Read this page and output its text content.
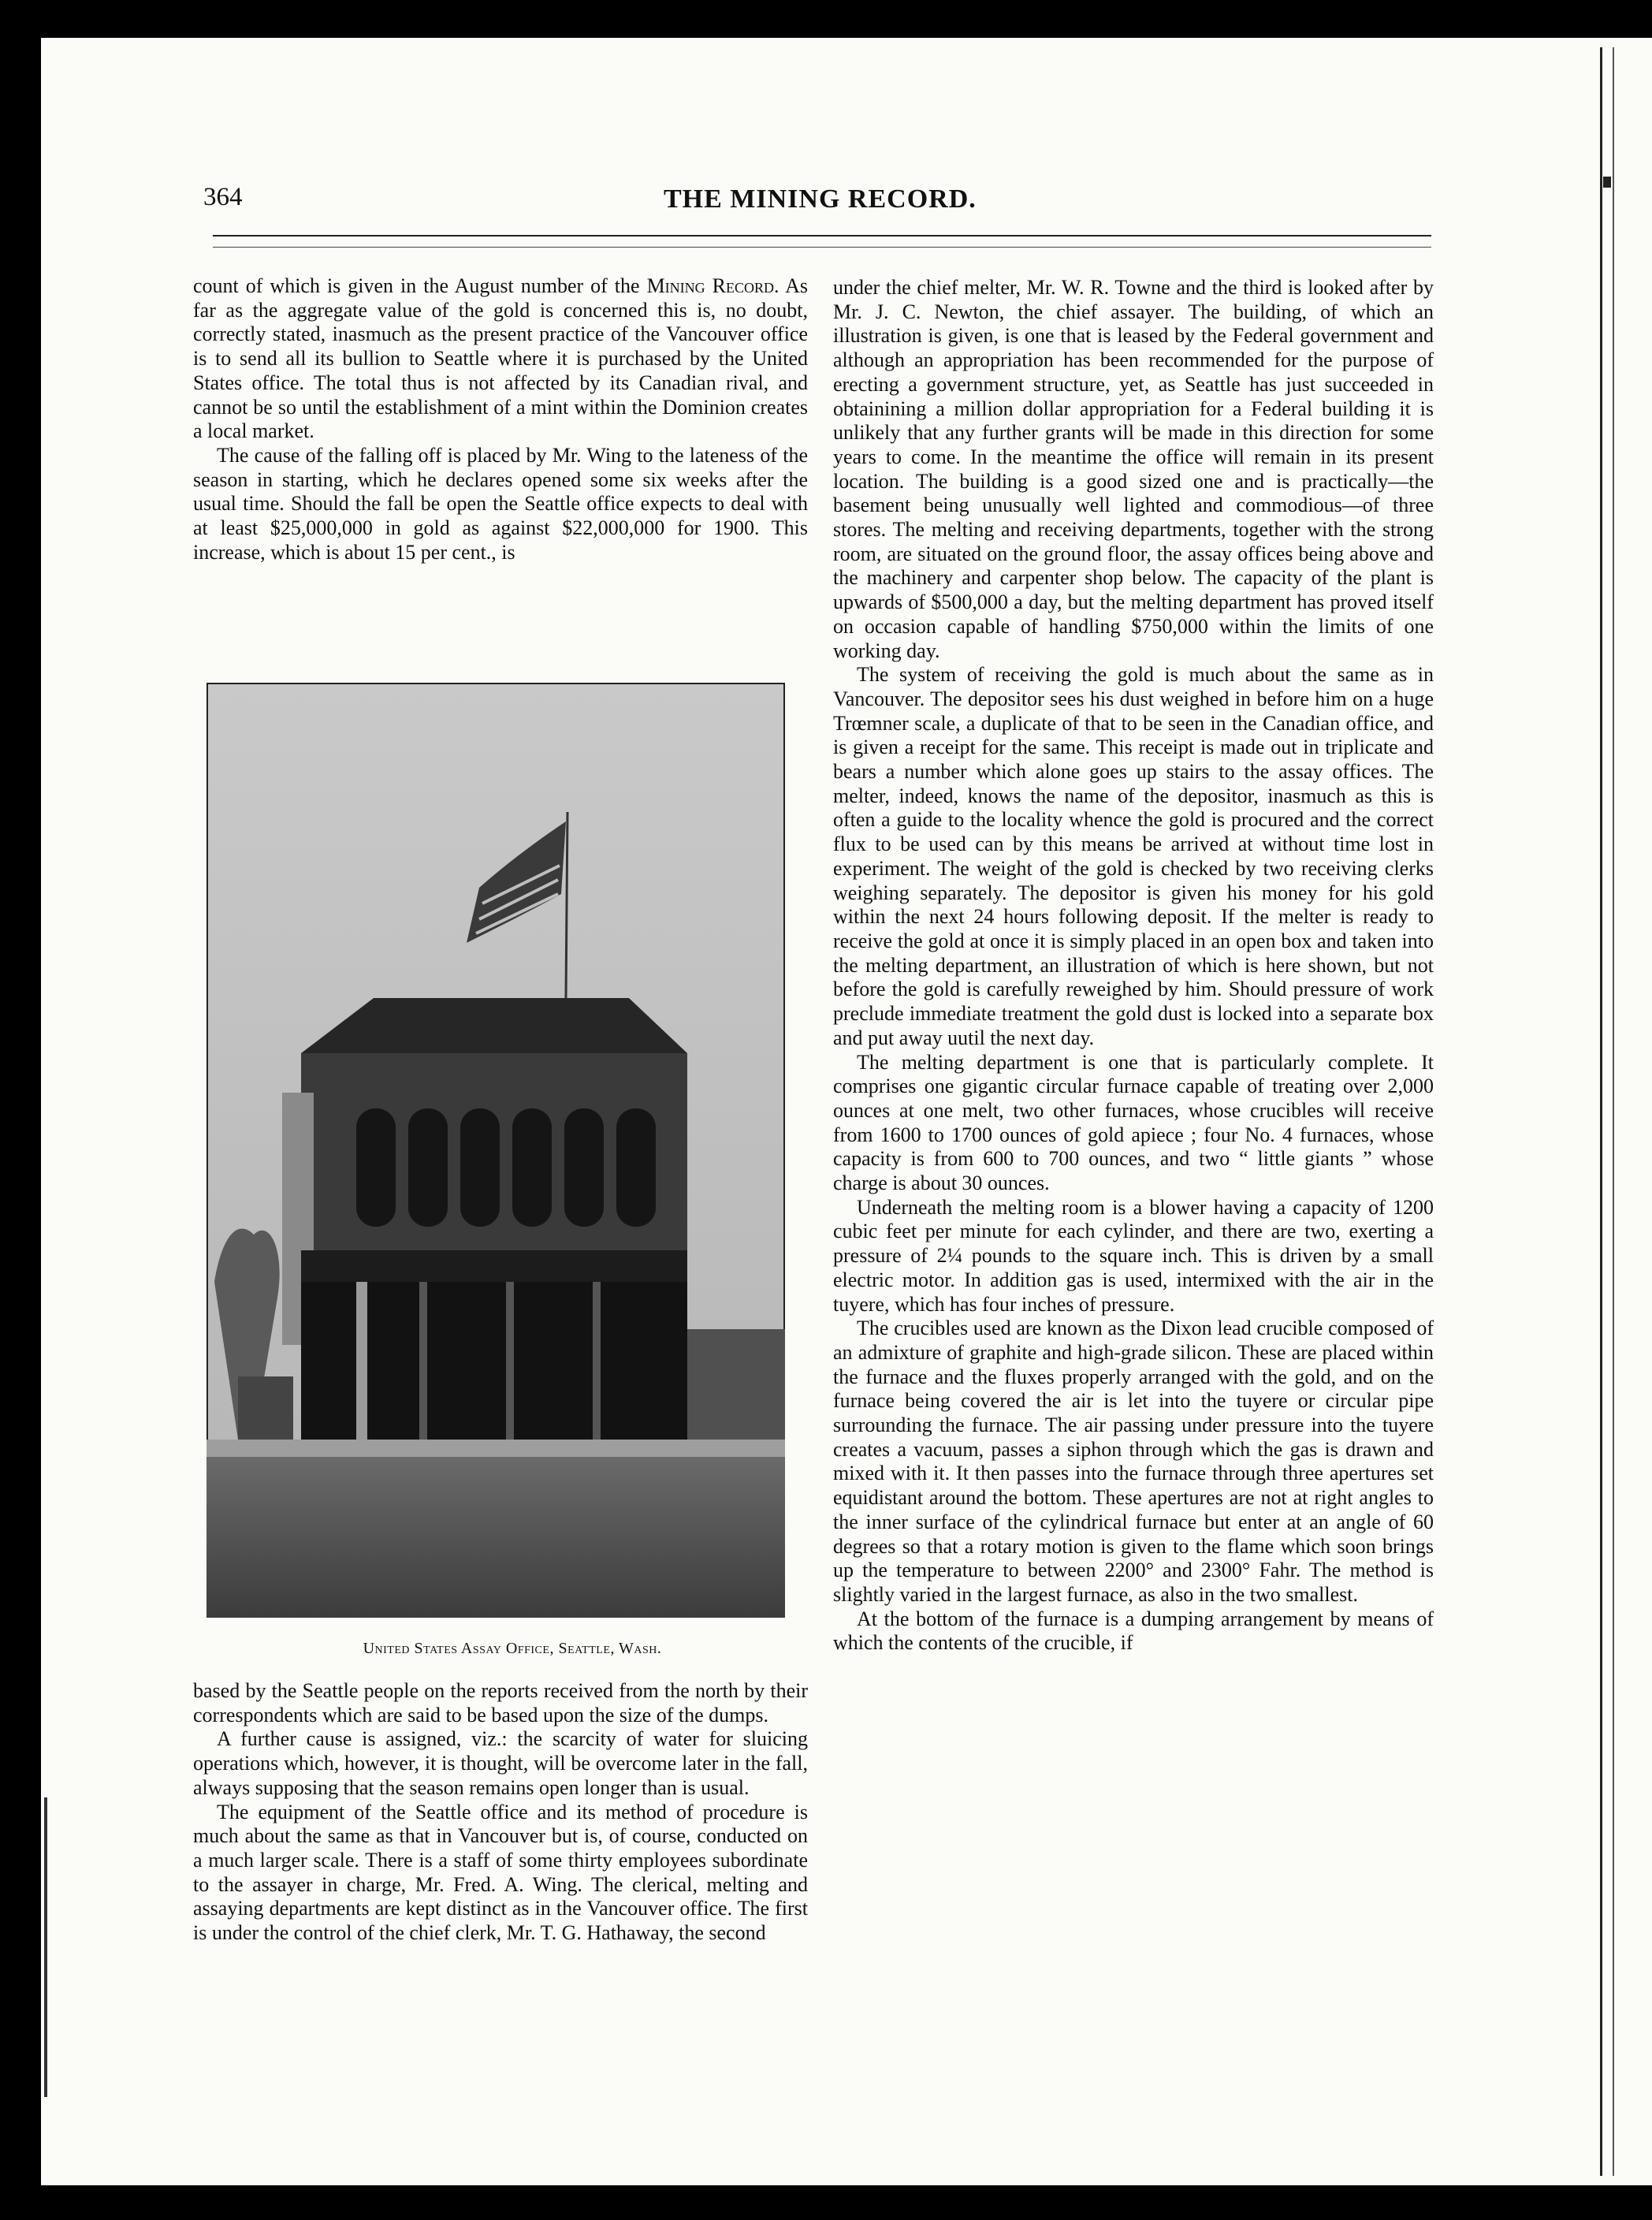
364	THE MINING RECORD.

count of which is given in the August number of the Mining Record. As far as the aggregate value of the gold is concerned this is, no doubt, correctly stated, inasmuch as the present practice of the Vancouver office is to send all its bullion to Seattle where it is purchased by the United States office. The total thus is not affected by its Canadian rival, and cannot be so until the establishment of a mint within the Dominion creates a local market.

The cause of the falling off is placed by Mr. Wing to the lateness of the season in starting, which he declares opened some six weeks after the usual time. Should the fall be open the Seattle office expects to deal with at least $25,000,000 in gold as against $22,000,000 for 1900. This increase, which is about 15 per cent., is

United States Assay Office, Seattle, Wash.

based by the Seattle people on the reports received from the north by their correspondents which are said to be based upon the size of the dumps.

A further cause is assigned, viz.: the scarcity of water for sluicing operations which, however, it is thought, will be overcome later in the fall, always supposing that the season remains open longer than is usual.

The equipment of the Seattle office and its method of procedure is much about the same as that in Vancouver but is, of course, conducted on a much larger scale. There is a staff of some thirty employees subordinate to the assayer in charge, Mr. Fred. A. Wing. The clerical, melting and assaying departments are kept distinct as in the Vancouver office. The first is under the control of the chief clerk, Mr. T. G. Hathaway, the second

under the chief melter, Mr. W. R. Towne and the third is looked after by Mr. J. C. Newton, the chief assayer. The building, of which an illustration is given, is one that is leased by the Federal government and although an appropriation has been recommended for the purpose of erecting a government structure, yet, as Seattle has just succeeded in obtainining a million dollar appropriation for a Federal building it is unlikely that any further grants will be made in this direction for some years to come. In the meantime the office will remain in its present location. The building is a good sized one and is practically—the basement being unusually well lighted and commodious—of three stores. The melting and receiving departments, together with the strong room, are situated on the ground floor, the assay offices being above and the machinery and carpenter shop below. The capacity of the plant is upwards of $500,000 a day, but the melting department has proved itself on occasion capable of handling $750,000 within the limits of one working day.

The system of receiving the gold is much about the same as in Vancouver. The depositor sees his dust weighed in before him on a huge Trœmner scale, a duplicate of that to be seen in the Canadian office, and is given a receipt for the same. This receipt is made out in triplicate and bears a number which alone goes up stairs to the assay offices. The melter, indeed, knows the name of the depositor, inasmuch as this is often a guide to the locality whence the gold is procured and the correct flux to be used can by this means be arrived at without time lost in experiment. The weight of the gold is checked by two receiving clerks weighing separately. The depositor is given his money for his gold within the next 24 hours following deposit. If the melter is ready to receive the gold at once it is simply placed in an open box and taken into the melting department, an illustration of which is here shown, but not before the gold is carefully reweighed by him. Should pressure of work preclude immediate treatment the gold dust is locked into a separate box and put away uutil the next day.

The melting department is one that is particularly complete. It comprises one gigantic circular furnace capable of treating over 2,000 ounces at one melt, two other furnaces, whose crucibles will receive from 1600 to 1700 ounces of gold apiece ; four No. 4 furnaces, whose capacity is from 600 to 700 ounces, and two “ little giants ” whose charge is about 30 ounces.

Underneath the melting room is a blower having a capacity of 1200 cubic feet per minute for each cylinder, and there are two, exerting a pressure of 2¼ pounds to the square inch. This is driven by a small electric motor. In addition gas is used, intermixed with the air in the tuyere, which has four inches of pressure.

The crucibles used are known as the Dixon lead crucible composed of an admixture of graphite and high-grade silicon. These are placed within the furnace and the fluxes properly arranged with the gold, and on the furnace being covered the air is let into the tuyere or circular pipe surrounding the furnace. The air passing under pressure into the tuyere creates a vacuum, passes a siphon through which the gas is drawn and mixed with it. It then passes into the furnace through three apertures set equidistant around the bottom. These apertures are not at right angles to the inner surface of the cylindrical furnace but enter at an angle of 60 degrees so that a rotary motion is given to the flame which soon brings up the temperature to between 2200° and 2300° Fahr. The method is slightly varied in the largest furnace, as also in the two smallest.

At the bottom of the furnace is a dumping arrangement by means of which the contents of the crucible, if
